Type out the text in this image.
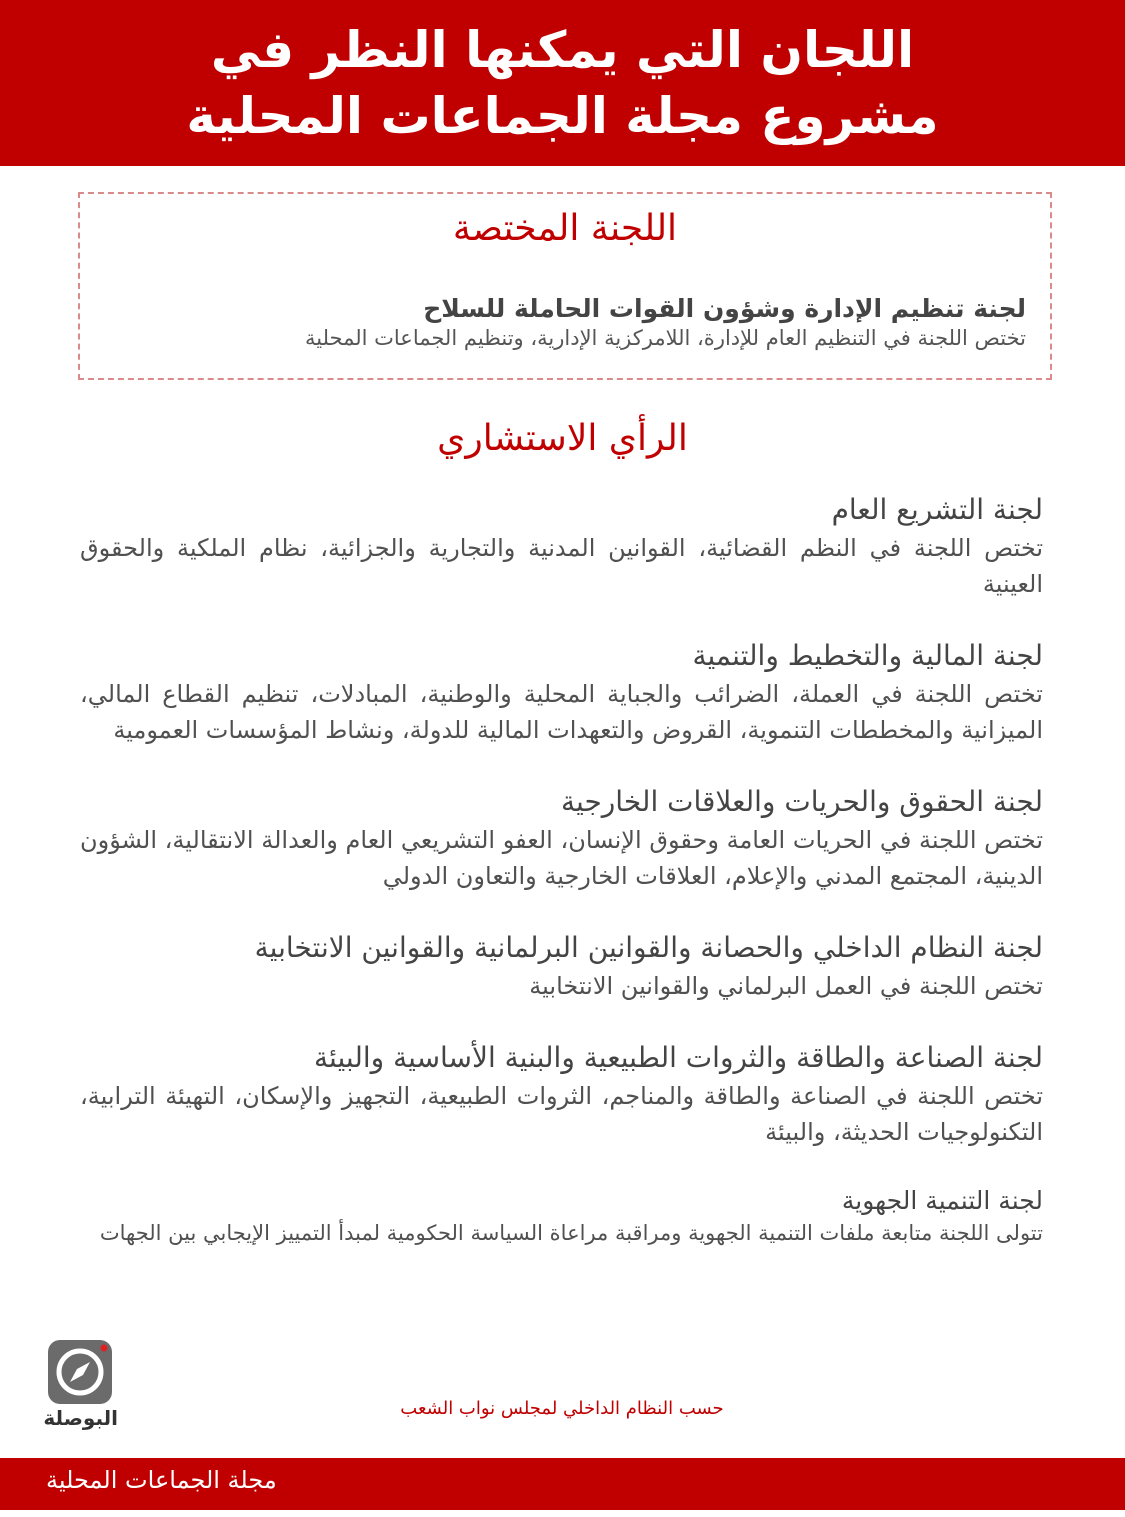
اللجان التي يمكنها النظر في
مشروع مجلة الجماعات المحلية
اللجنة المختصة
لجنة تنظيم الإدارة وشؤون القوات الحاملة للسلاح
تختص اللجنة في التنظيم العام للإدارة، اللامركزية الإدارية، وتنظيم الجماعات المحلية
الرأي الاستشاري
لجنة التشريع العام
تختص اللجنة في النظم القضائية، القوانين المدنية والتجارية والجزائية، نظام الملكية والحقوق العينية
لجنة المالية والتخطيط والتنمية
تختص اللجنة في العملة، الضرائب والجباية المحلية والوطنية، المبادلات، تنظيم القطاع المالي، الميزانية والمخططات التنموية، القروض والتعهدات المالية للدولة، ونشاط المؤسسات العمومية
لجنة الحقوق والحريات والعلاقات الخارجية
تختص اللجنة في الحريات العامة وحقوق الإنسان، العفو التشريعي العام والعدالة الانتقالية، الشؤون الدينية، المجتمع المدني والإعلام، العلاقات الخارجية والتعاون الدولي
لجنة النظام الداخلي والحصانة والقوانين البرلمانية والقوانين الانتخابية
تختص اللجنة في العمل البرلماني والقوانين الانتخابية
لجنة الصناعة والطاقة والثروات الطبيعية والبنية الأساسية والبيئة
تختص اللجنة في الصناعة والطاقة والمناجم، الثروات الطبيعية، التجهيز والإسكان، التهيئة الترابية، التكنولوجيات الحديثة، والبيئة
لجنة التنمية الجهوية
تتولى اللجنة متابعة ملفات التنمية الجهوية ومراقبة مراعاة السياسة الحكومية لمبدأ التمييز الإيجابي بين الجهات
البوصلة	حسب النظام الداخلي لمجلس نواب الشعب
مجلة الجماعات المحلية
